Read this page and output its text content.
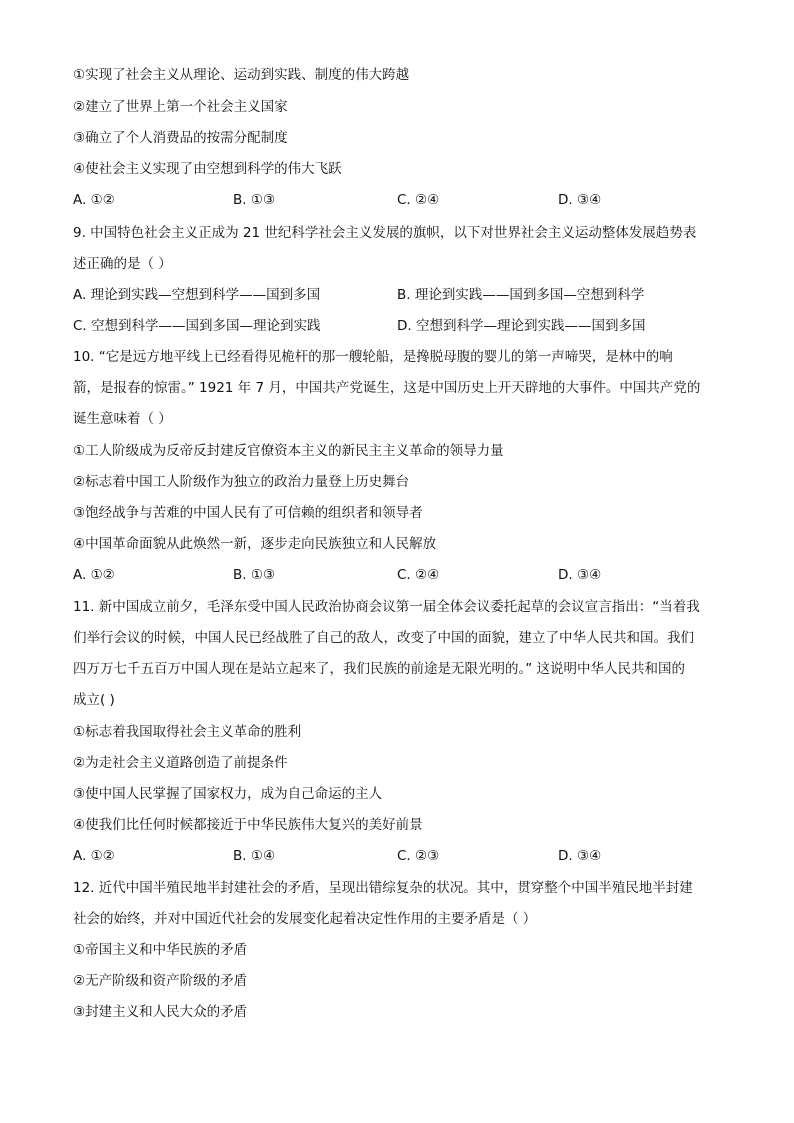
①实现了社会主义从理论、运动到实践、制度的伟大跨越
②建立了世界上第一个社会主义国家
③确立了个人消费品的按需分配制度
④使社会主义实现了由空想到科学的伟大飞跃
A. ①②	B. ①③	C. ②④	D. ③④
9. 中国特色社会主义正成为 21 世纪科学社会主义发展的旗帜，以下对世界社会主义运动整体发展趋势表
述正确的是（ ）
A. 理论到实践—空想到科学——国到多国	B. 理论到实践——国到多国—空想到科学
C. 空想到科学——国到多国—理论到实践	D. 空想到科学—理论到实践——国到多国
10. “它是远方地平线上已经看得见桅杆的那一艘轮船，是搀脱母腹的婴儿的第一声啼哭，是林中的响
箭，是报春的惊雷。” 1921 年 7 月，中国共产党诞生，这是中国历史上开天辟地的大事件。中国共产党的
诞生意味着（ ）
①工人阶级成为反帝反封建反官僚资本主义的新民主主义革命的领导力量
②标志着中国工人阶级作为独立的政治力量登上历史舞台
③饱经战争与苦难的中国人民有了可信赖的组织者和领导者
④中国革命面貌从此焕然一新，逐步走向民族独立和人民解放
A. ①②	B. ①③	C. ②④	D. ③④
11. 新中国成立前夕，毛泽东受中国人民政治协商会议第一届全体会议委托起草的会议宣言指出：“当着我
们举行会议的时候，中国人民已经战胜了自己的敌人，改变了中国的面貌，建立了中华人民共和国。我们
四万万七千五百万中国人现在是站立起来了，我们民族的前途是无限光明的。” 这说明中华人民共和国的
成立( )
①标志着我国取得社会主义革命的胜利
②为走社会主义道路创造了前提条件
③使中国人民掌握了国家权力，成为自己命运的主人
④使我们比任何时候都接近于中华民族伟大复兴的美好前景
A. ①②	B. ①④	C. ②③	D. ③④
12. 近代中国半殖民地半封建社会的矛盾，呈现出错综复杂的状况。其中，贯穿整个中国半殖民地半封建
社会的始终，并对中国近代社会的发展变化起着决定性作用的主要矛盾是（ ）
①帝国主义和中华民族的矛盾
②无产阶级和资产阶级的矛盾
③封建主义和人民大众的矛盾
